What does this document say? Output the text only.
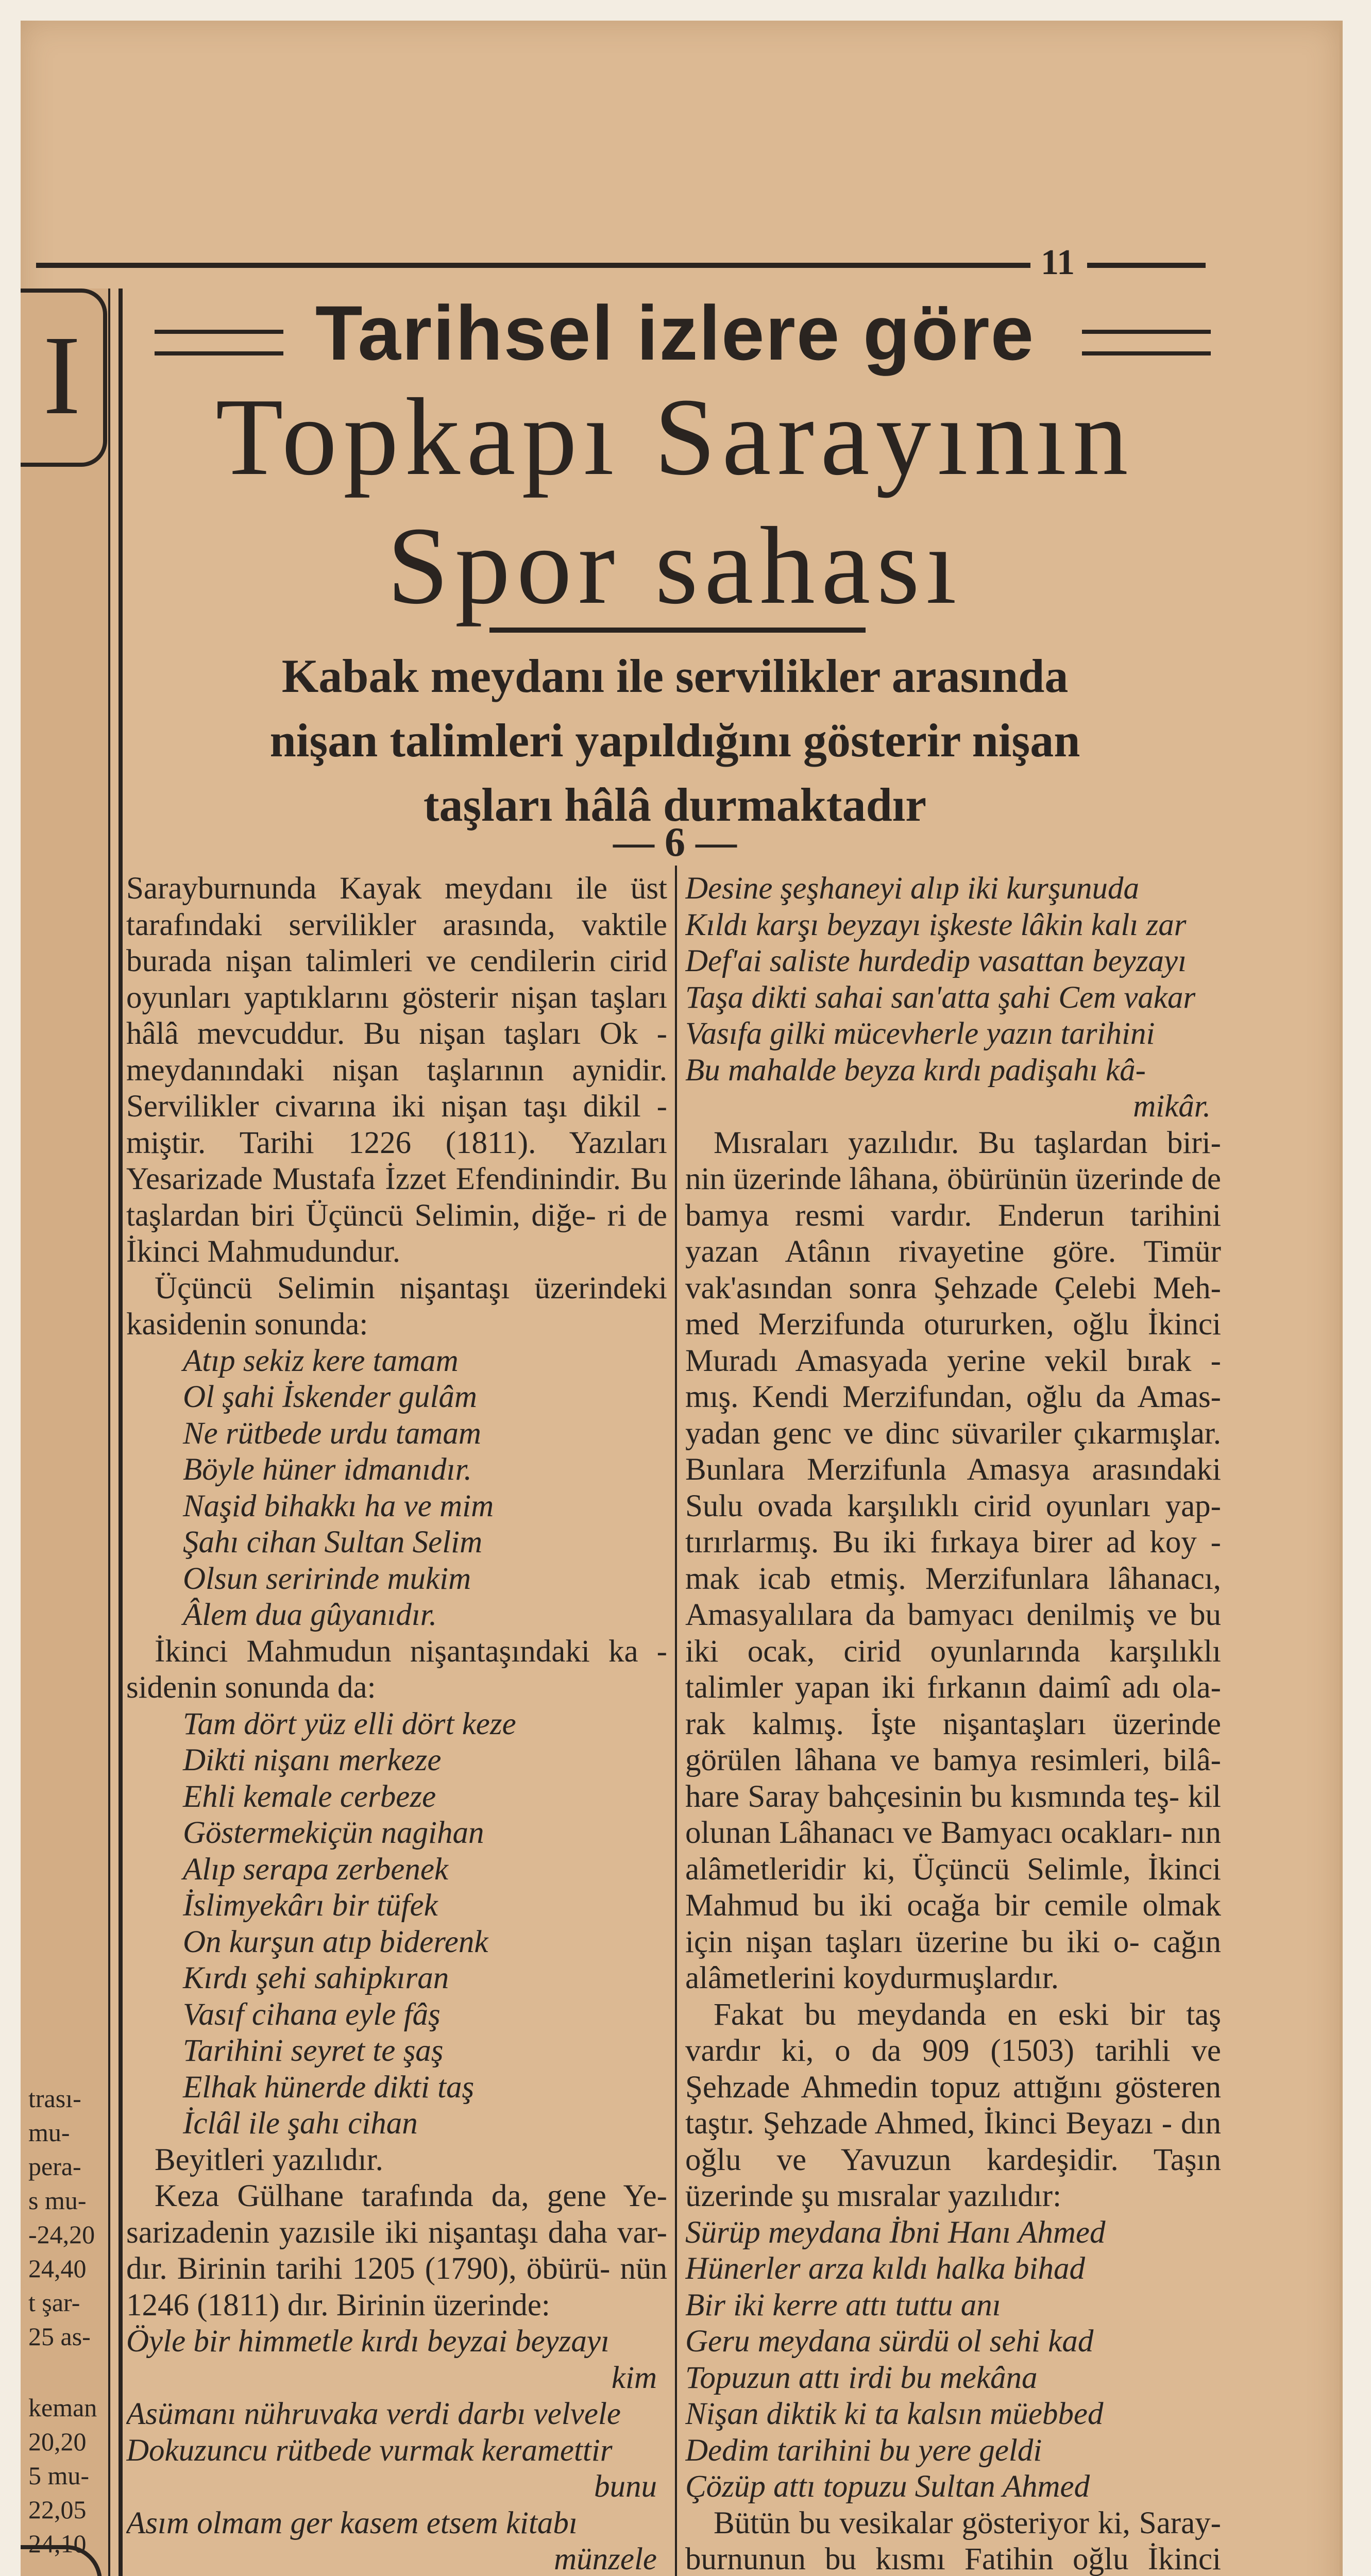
I
11
Tarihsel izlere göre
Topkapı Sarayının
Spor sahası
Kabak meydanı ile servilikler arasında
nişan talimleri yapıldığını gösterir nişan
taşları hâlâ durmaktadır
— 6 —

Sarayburnunda Kayak meydanı ile üst tarafındaki servilikler arasında, vaktile burada nişan talimleri ve cendilerin cirid oyunları yaptıklarını gösterir nişan taşları hâlâ mevcuddur. Bu nişan taşları Ok - meydanındaki nişan taşlarının aynidir. Servilikler civarına iki nişan taşı dikil - miştir. Tarihi 1226 (1811). Yazıları Yesarizade Mustafa İzzet Efendinindir. Bu taşlardan biri Üçüncü Selimin, diğe- ri de İkinci Mahmudundur.

Üçüncü Selimin nişantaşı üzerindeki kasidenin sonunda:

Atıp sekiz kere tamam
Ol şahi İskender gulâm
Ne rütbede urdu tamam
Böyle hüner idmanıdır.
Naşid bihakkı ha ve mim
Şahı cihan Sultan Selim
Olsun seririnde mukim
Âlem dua gûyanıdır.

İkinci Mahmudun nişantaşındaki ka - sidenin sonunda da:

Tam dört yüz elli dört keze
Dikti nişanı merkeze
Ehli kemale cerbeze
Göstermekiçün nagihan
Alıp serapa zerbenek
İslimyekârı bir tüfek
On kurşun atıp biderenk
Kırdı şehi sahipkıran
Vasıf cihana eyle fâş
Tarihini seyret te şaş
Elhak hünerde dikti taş
İclâl ile şahı cihan

Beyitleri yazılıdır.

Keza Gülhane tarafında da, gene Ye- sarizadenin yazısile iki nişantaşı daha var- dır. Birinin tarihi 1205 (1790), öbürü- nün 1246 (1811) dır. Birinin üzerinde:

Öyle bir himmetle kırdı beyzai beyzayı
kim
Asümanı nühruvaka verdi darbı velvele
Dokuzuncu rütbede vurmak keramettir
bunu
Asım olmam ger kasem etsem kitabı
münzele

Desine şeşhaneyi alıp iki kurşunuda
Kıldı karşı beyzayı işkeste lâkin kalı zar
Def'ai saliste hurdedip vasattan beyzayı
Taşa dikti sahai san'atta şahi Cem vakar
Vasıfa gilki mücevherle yazın tarihini
Bu mahalde beyza kırdı padişahı kâ-
mikâr.

Mısraları yazılıdır. Bu taşlardan biri- nin üzerinde lâhana, öbürünün üzerinde de bamya resmi vardır. Enderun tarihini yazan Atânın rivayetine göre. Timür vak'asından sonra Şehzade Çelebi Meh- med Merzifunda otururken, oğlu İkinci Muradı Amasyada yerine vekil bırak - mış. Kendi Merzifundan, oğlu da Amas- yadan genc ve dinc süvariler çıkarmışlar. Bunlara Merzifunla Amasya arasındaki Sulu ovada karşılıklı cirid oyunları yap- tırırlarmış. Bu iki fırkaya birer ad koy - mak icab etmiş. Merzifunlara lâhanacı, Amasyalılara da bamyacı denilmiş ve bu iki ocak, cirid oyunlarında karşılıklı talimler yapan iki fırkanın daimî adı ola- rak kalmış. İşte nişantaşları üzerinde görülen lâhana ve bamya resimleri, bilâ- hare Saray bahçesinin bu kısmında teş- kil olunan Lâhanacı ve Bamyacı ocakları- nın alâmetleridir ki, Üçüncü Selimle, İkinci Mahmud bu iki ocağa bir cemile olmak için nişan taşları üzerine bu iki o- cağın alâmetlerini koydurmuşlardır.

Fakat bu meydanda en eski bir taş vardır ki, o da 909 (1503) tarihli ve Şehzade Ahmedin topuz attığını gösteren taştır. Şehzade Ahmed, İkinci Beyazı - dın oğlu ve Yavuzun kardeşidir. Taşın üzerinde şu mısralar yazılıdır:

Sürüp meydana İbni Hanı Ahmed
Hünerler arza kıldı halka bihad
Bir iki kerre attı tuttu anı
Geru meydana sürdü ol sehi kad
Topuzun attı irdi bu mekâna
Nişan diktik ki ta kalsın müebbed
Dedim tarihini bu yere geldi
Çözüp attı topuzu Sultan Ahmed

Bütün bu vesikalar gösteriyor ki, Saray- burnunun bu kısmı Fatihin oğlu İkinci

trası-
mu-
pera-
s mu-
-24,20
24,40
t şar-
25 as-
keman
20,20
5 mu-
22,05
24,10
